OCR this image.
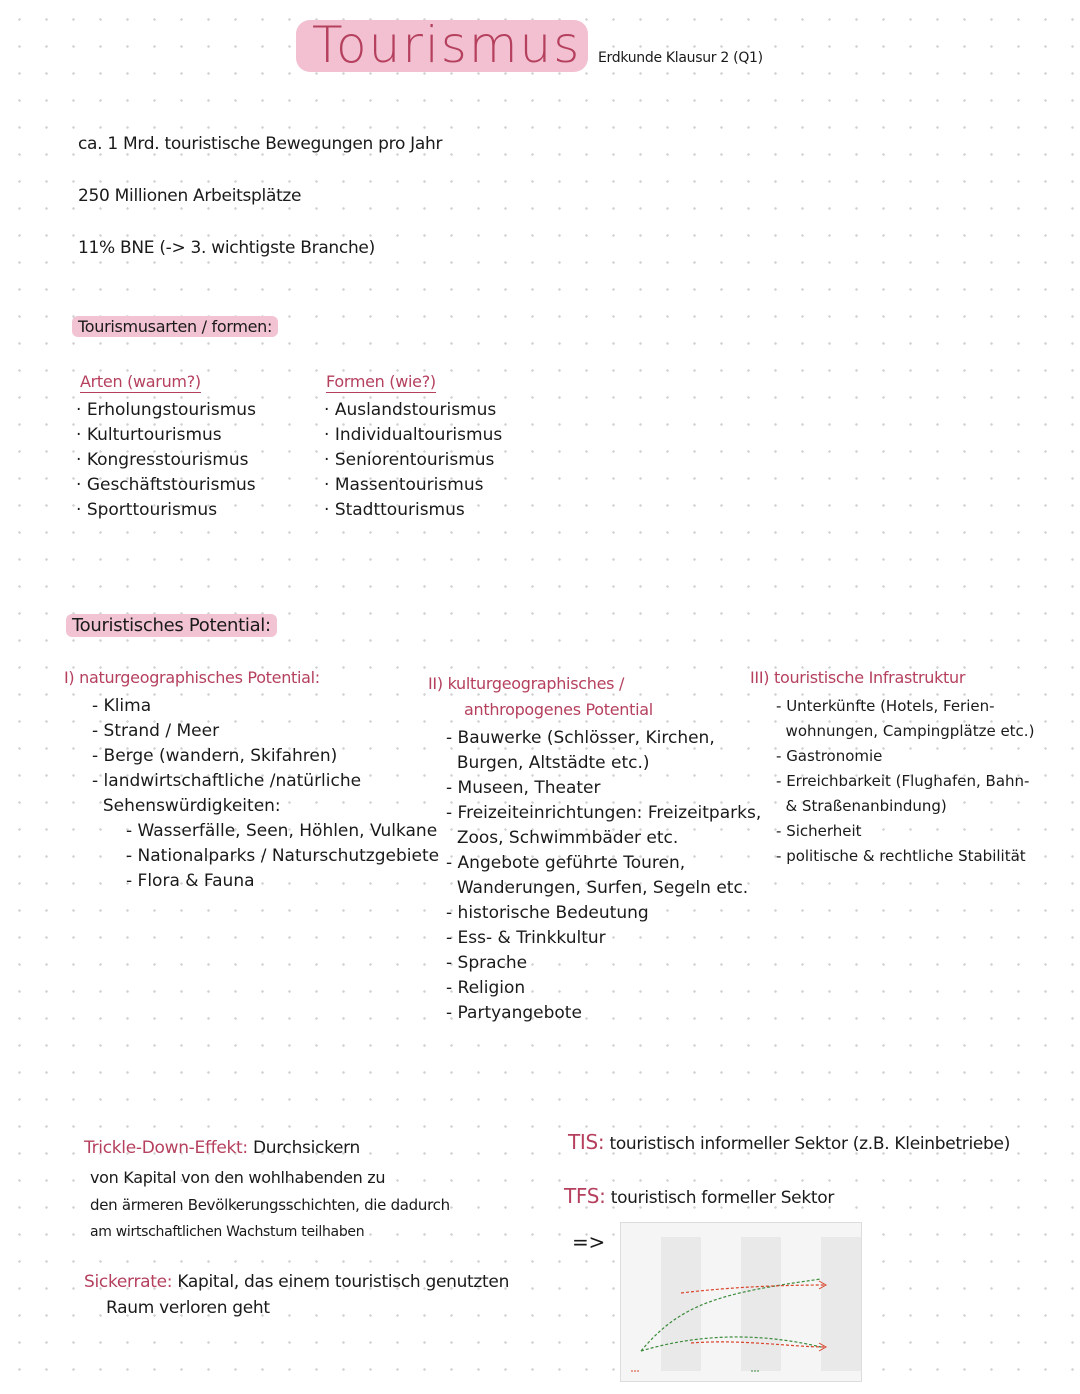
Tourismus Erdkunde Klausur 2 (Q1)
ca. 1 Mrd. touristische Bewegungen pro Jahr
250 Millionen Arbeitsplätze
11% BNE (-> 3. wichtigste Branche)
Tourismusarten / formen:
Arten (warum?)
· Erholungstourismus
· Kulturtourismus
· Kongresstourismus
· Geschäftstourismus
· Sporttourismus
Formen (wie?)
· Auslandstourismus
· Individualtourismus
· Seniorentourismus
· Massentourismus
· Stadttourismus
Touristisches Potential:
I) naturgeographisches Potential:
- Klima
- Strand / Meer
- Berge (wandern, Skifahren)
- landwirtschaftliche /natürliche
Sehenswürdigkeiten:
- Wasserfälle, Seen, Höhlen, Vulkane
- Nationalparks / Naturschutzgebiete
- Flora & Fauna
II) kulturgeographisches /
anthropogenes Potential
- Bauwerke (Schlösser, Kirchen,
Burgen, Altstädte etc.)
- Museen, Theater
- Freizeiteinrichtungen: Freizeitparks,
Zoos, Schwimmbäder etc.
- Angebote geführte Touren,
Wanderungen, Surfen, Segeln etc.
- historische Bedeutung
- Ess- & Trinkkultur
- Sprache
- Religion
- Partyangebote
III) touristische Infrastruktur
- Unterkünfte (Hotels, Ferien-
wohnungen, Campingplätze etc.)
- Gastronomie
- Erreichbarkeit (Flughafen, Bahn-
& Straßenanbindung)
- Sicherheit
- politische & rechtliche Stabilität
Trickle-Down-Effekt: Durchsickern
von Kapital von den wohlhabenden zu
den ärmeren Bevölkerungsschichten, die dadurch
am wirtschaftlichen Wachstum teilhaben
Sickerrate: Kapital, das einem touristisch genutzten
Raum verloren geht
TIS: touristisch informeller Sektor (z.B. Kleinbetriebe)
TFS: touristisch formeller Sektor
=>
